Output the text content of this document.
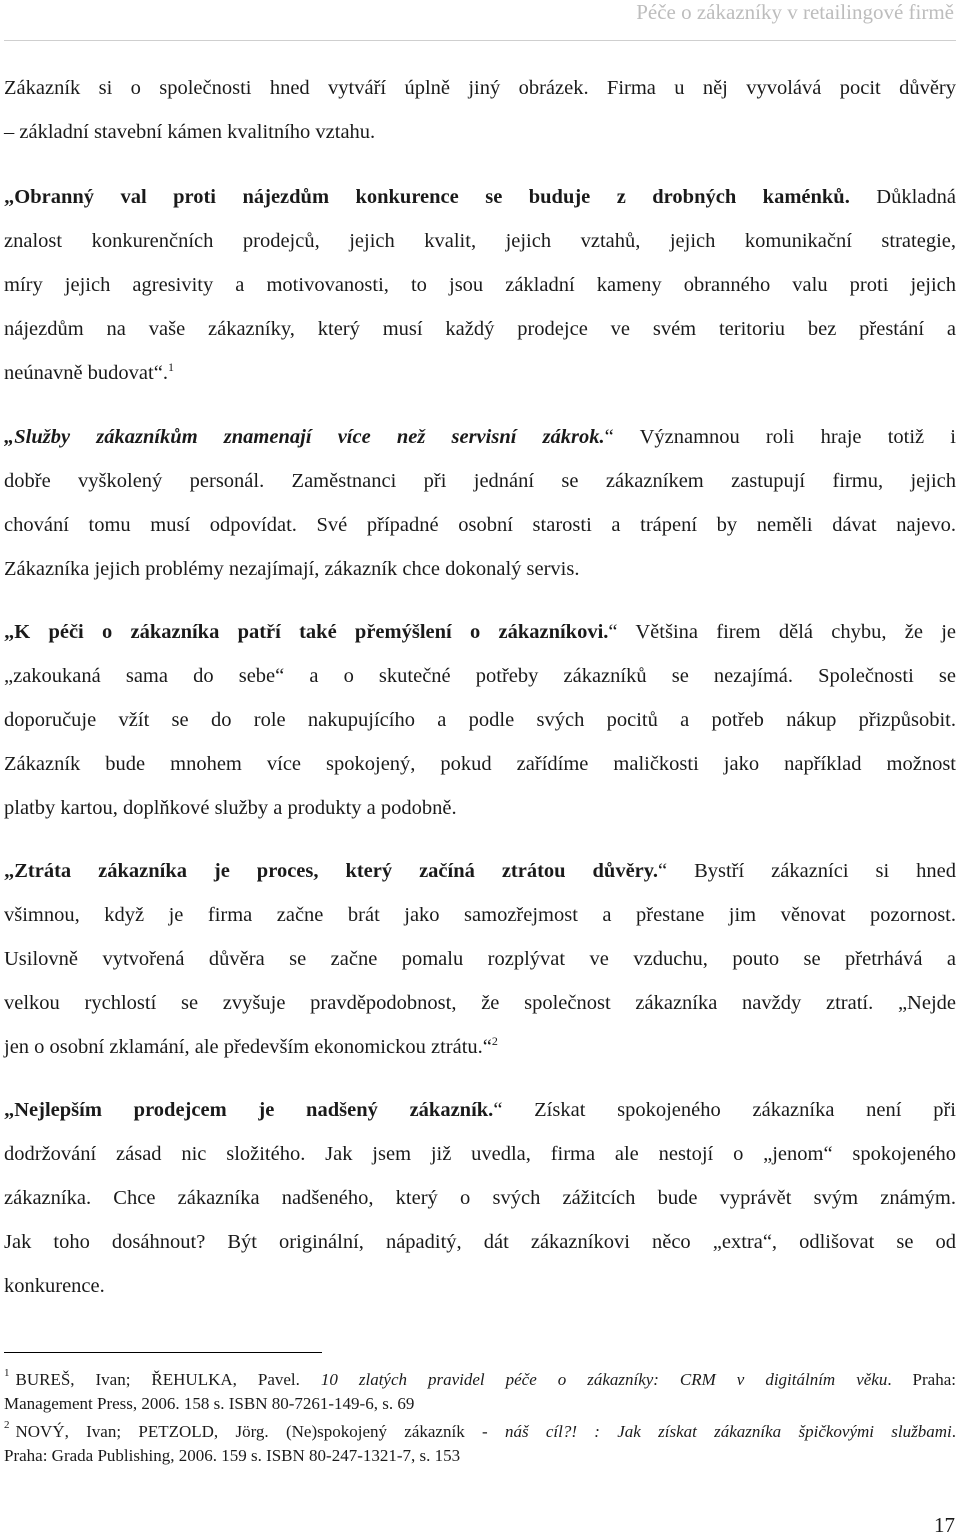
Péče o zákazníky v retailingové firmě
Zákazník si o společnosti hned vytváří úplně jiný obrázek. Firma u něj vyvolává pocit důvěry
– základní stavební kámen kvalitního vztahu.
„Obranný val proti nájezdům konkurence se buduje z drobných kaménků. Důkladná
znalost konkurenčních prodejců, jejich kvalit, jejich vztahů, jejich komunikační strategie,
míry jejich agresivity a motivovanosti, to jsou základní kameny obranného valu proti jejich
nájezdům na vaše zákazníky, který musí každý prodejce ve svém teritoriu bez přestání a
neúnavně budovat“.$^1$
„Služby zákazníkům znamenají více než servisní zákrok.“ Významnou roli hraje totiž i
dobře vyškolený personál. Zaměstnanci při jednání se zákazníkem zastupují firmu, jejich
chování tomu musí odpovídat. Své případné osobní starosti a trápení by neměli dávat najevo.
Zákazníka jejich problémy nezajímají, zákazník chce dokonalý servis.
„K péči o zákazníka patří také přemýšlení o zákazníkovi.“ Většina firem dělá chybu, že je
„zakoukaná sama do sebe“ a o skutečné potřeby zákazníků se nezajímá. Společnosti se
doporučuje vžít se do role nakupujícího a podle svých pocitů a potřeb nákup přizpůsobit.
Zákazník bude mnohem více spokojený, pokud zařídíme maličkosti jako například možnost
platby kartou, doplňkové služby a produkty a podobně.
„Ztráta zákazníka je proces, který začíná ztrátou důvěry.“ Bystří zákazníci si hned
všimnou, když je firma začne brát jako samozřejmost a přestane jim věnovat pozornost.
Usilovně vytvořená důvěra se začne pomalu rozplývat ve vzduchu, pouto se přetrhává a
velkou rychlostí se zvyšuje pravděpodobnost, že společnost zákazníka navždy ztratí. „Nejde
jen o osobní zklamání, ale především ekonomickou ztrátu.“$^2$
„Nejlepším prodejcem je nadšený zákazník.“ Získat spokojeného zákazníka není při
dodržování zásad nic složitého. Jak jsem již uvedla, firma ale nestojí o „jenom“ spokojeného
zákazníka. Chce zákazníka nadšeného, který o svých zážitcích bude vyprávět svým známým.
Jak toho dosáhnout? Být originální, nápaditý, dát zákazníkovi něco „extra“, odlišovat se od
konkurence.
$^1$ BUREŠ, Ivan; ŘEHULKA, Pavel. 10 zlatých pravidel péče o zákazníky: CRM v digitálním věku. Praha:
Management Press, 2006. 158 s. ISBN 80-7261-149-6, s. 69
$^2$ NOVÝ, Ivan; PETZOLD, Jörg. (Ne)spokojený zákazník - náš cíl?! : Jak získat zákazníka špičkovými službami.
Praha: Grada Publishing, 2006. 159 s. ISBN 80-247-1321-7, s. 153
17
